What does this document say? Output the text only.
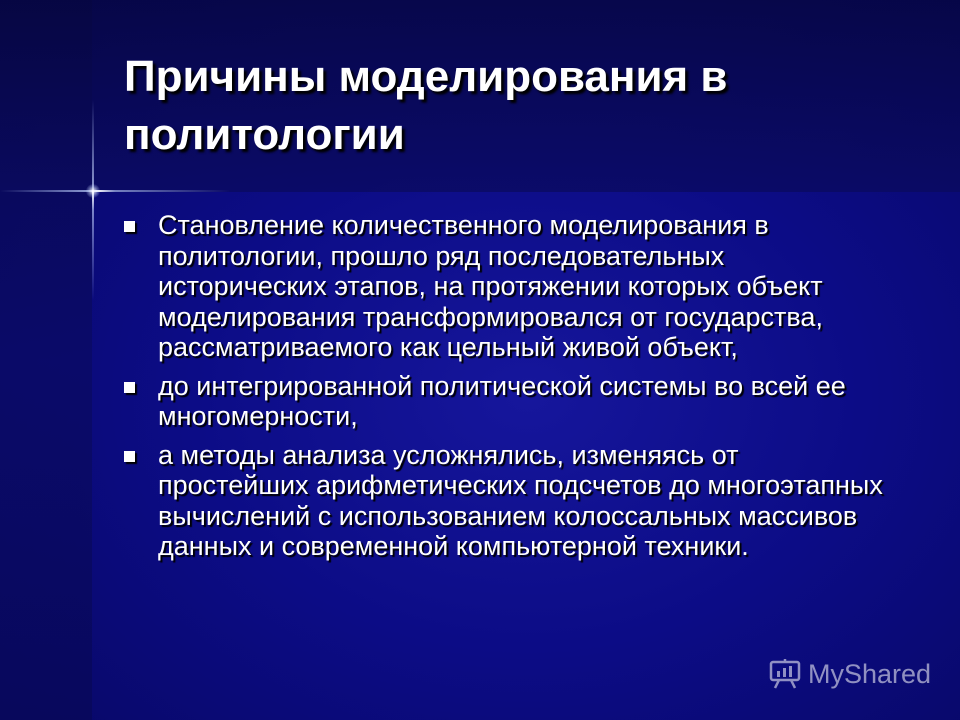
Причины моделирования в политологии
Становление количественного моделирования в политологии, прошло ряд последовательных исторических этапов, на протяжении которых объект моделирования трансформировался от государства, рассматриваемого как цельный живой объект,
до интегрированной политической системы во всей ее многомерности,
а методы анализа усложнялись, изменяясь от простейших арифметических подсчетов до многоэтапных вычислений с использованием колоссальных массивов данных и современной компьютерной техники.
MyShared
